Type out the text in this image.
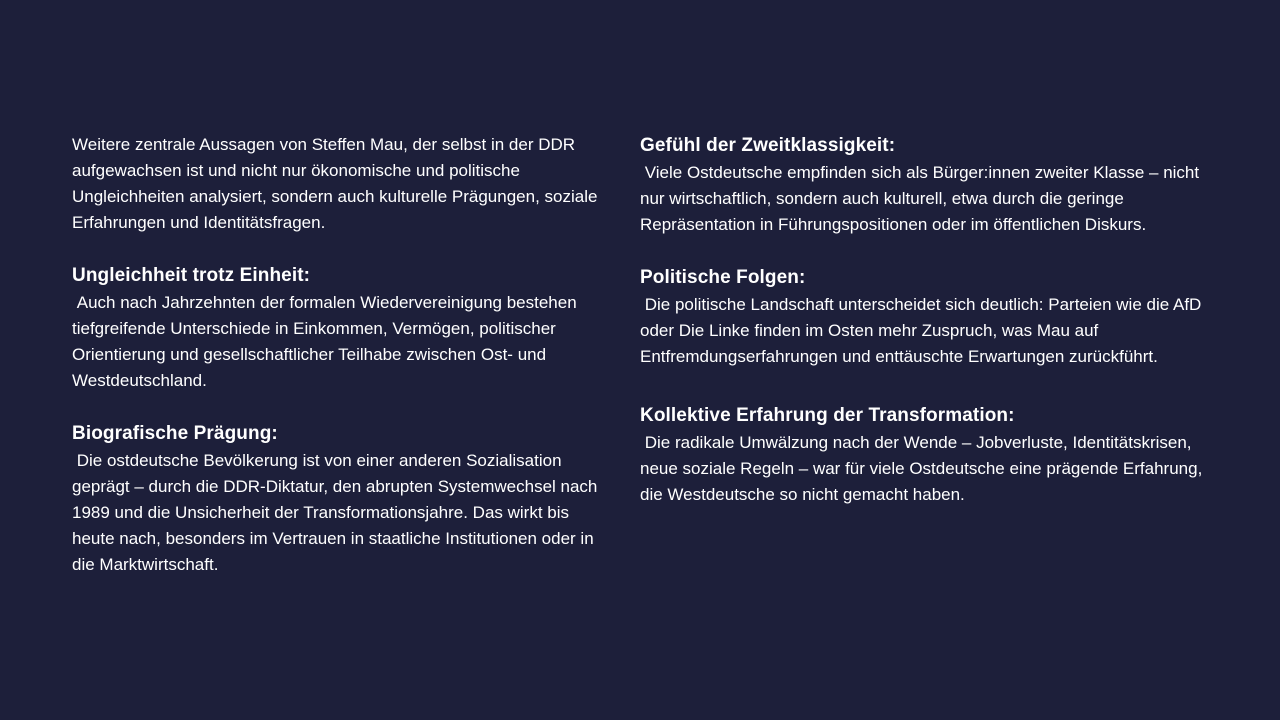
Weitere zentrale Aussagen von Steffen Mau, der selbst in der DDR aufgewachsen ist und nicht nur ökonomische und politische Ungleichheiten analysiert, sondern auch kulturelle Prägungen, soziale Erfahrungen und Identitätsfragen.

Ungleichheit trotz Einheit:

Auch nach Jahrzehnten der formalen Wiedervereinigung bestehen tiefgreifende Unterschiede in Einkommen, Vermögen, politischer Orientierung und gesellschaftlicher Teilhabe zwischen Ost- und Westdeutschland.

Biografische Prägung:

Die ostdeutsche Bevölkerung ist von einer anderen Sozialisation geprägt – durch die DDR-Diktatur, den abrupten Systemwechsel nach 1989 und die Unsicherheit der Transformationsjahre. Das wirkt bis heute nach, besonders im Vertrauen in staatliche Institutionen oder in die Marktwirtschaft.

Gefühl der Zweitklassigkeit:

Viele Ostdeutsche empfinden sich als Bürger:innen zweiter Klasse – nicht nur wirtschaftlich, sondern auch kulturell, etwa durch die geringe Repräsentation in Führungspositionen oder im öffentlichen Diskurs.

Politische Folgen:

Die politische Landschaft unterscheidet sich deutlich: Parteien wie die AfD oder Die Linke finden im Osten mehr Zuspruch, was Mau auf Entfremdungserfahrungen und enttäuschte Erwartungen zurückführt.

Kollektive Erfahrung der Transformation:

Die radikale Umwälzung nach der Wende – Jobverluste, Identitätskrisen, neue soziale Regeln – war für viele Ostdeutsche eine prägende Erfahrung, die Westdeutsche so nicht gemacht haben.
